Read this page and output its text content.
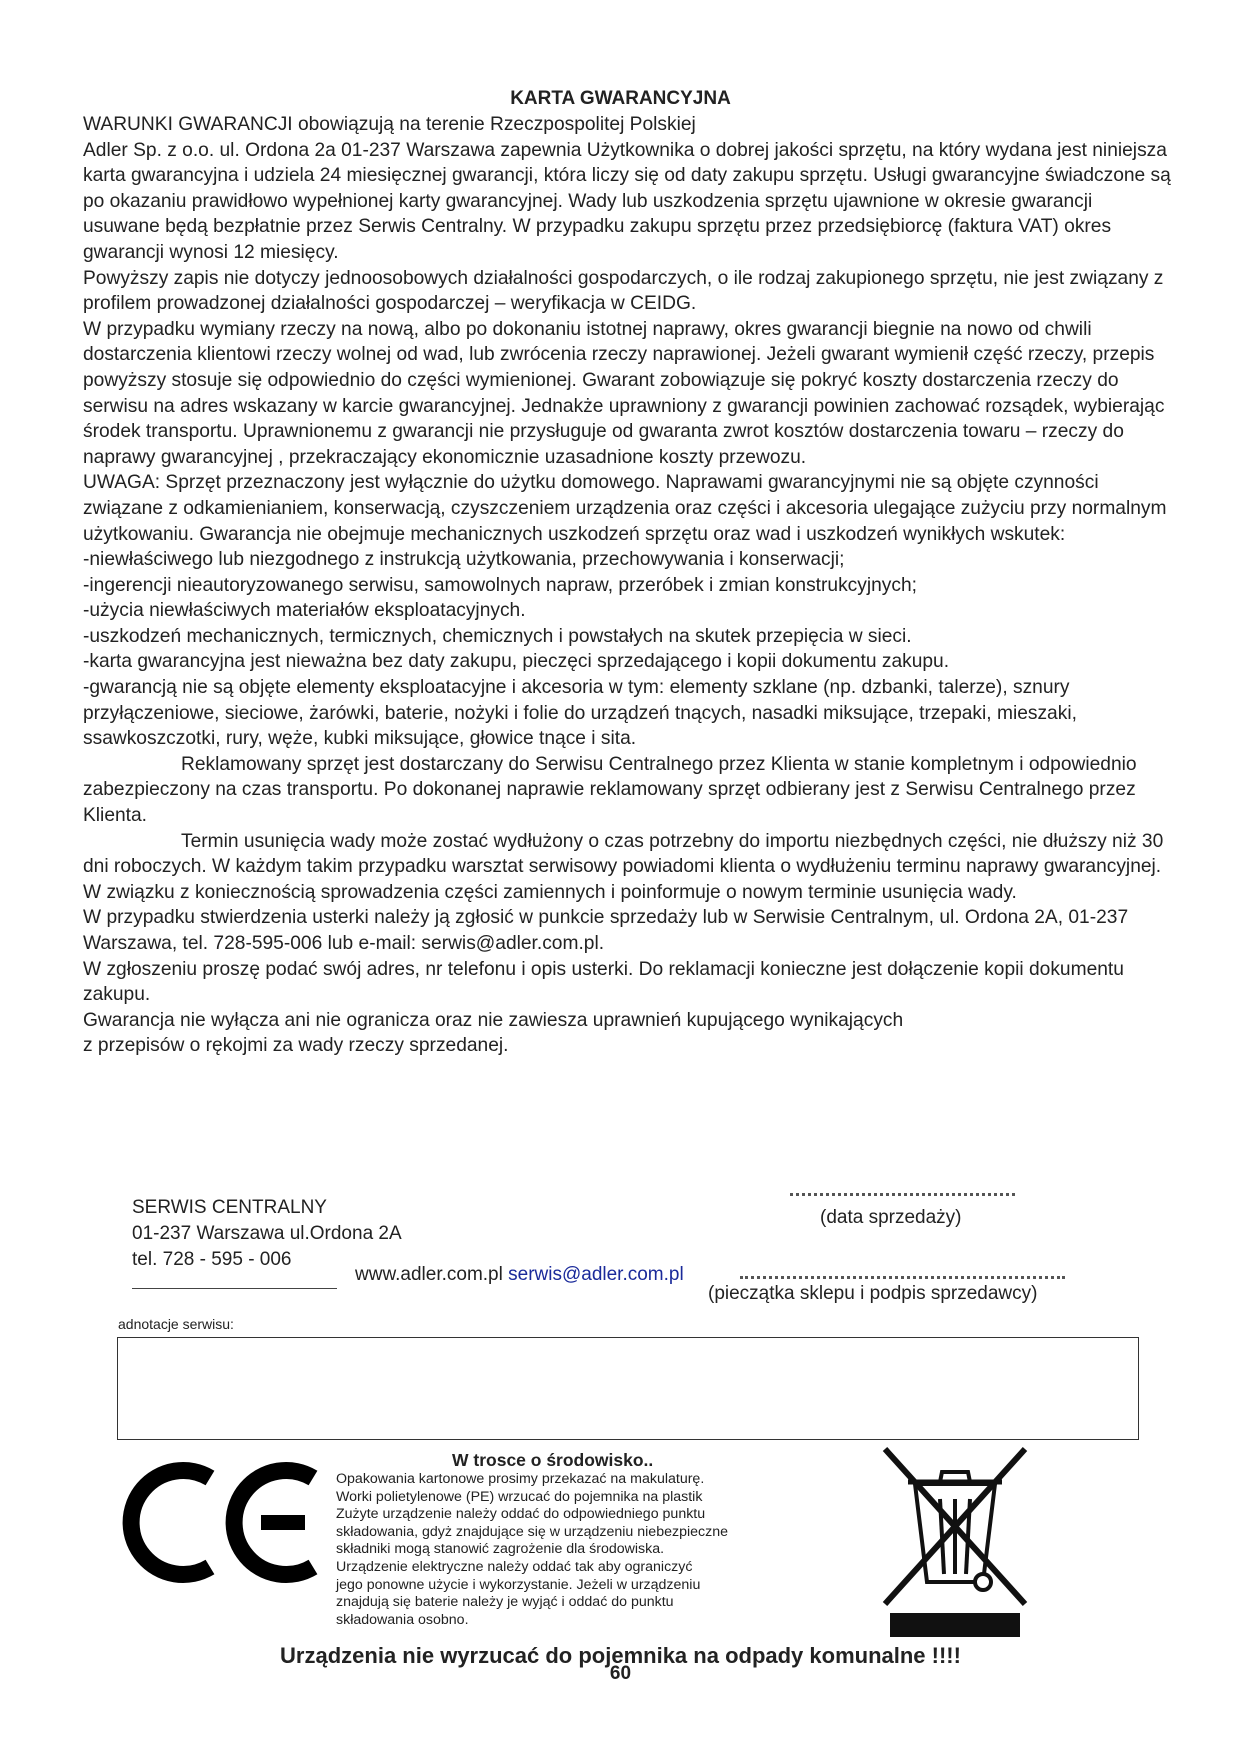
KARTA GWARANCYJNA

WARUNKI GWARANCJI obowiązują na terenie Rzeczpospolitej Polskiej

Adler Sp. z o.o. ul. Ordona 2a 01-237 Warszawa zapewnia Użytkownika o dobrej jakości sprzętu, na który wydana jest niniejsza karta gwarancyjna i udziela 24 miesięcznej gwarancji, która liczy się od daty zakupu sprzętu. Usługi gwarancyjne świadczone są po okazaniu prawidłowo wypełnionej karty gwarancyjnej. Wady lub uszkodzenia sprzętu ujawnione w okresie gwarancji usuwane będą bezpłatnie przez Serwis Centralny. W przypadku zakupu sprzętu przez przedsiębiorcę (faktura VAT) okres gwarancji wynosi 12 miesięcy.

Powyższy zapis nie dotyczy jednoosobowych działalności gospodarczych, o ile rodzaj zakupionego sprzętu, nie jest związany z profilem prowadzonej działalności gospodarczej – weryfikacja w CEIDG.

W przypadku wymiany rzeczy na nową, albo po dokonaniu istotnej naprawy, okres gwarancji biegnie na nowo od chwili dostarczenia klientowi rzeczy wolnej od wad, lub zwrócenia rzeczy naprawionej. Jeżeli gwarant wymienił część rzeczy, przepis powyższy stosuje się odpowiednio do części wymienionej. Gwarant zobowiązuje się pokryć koszty dostarczenia rzeczy do serwisu na adres wskazany w karcie gwarancyjnej. Jednakże uprawniony z gwarancji powinien zachować rozsądek, wybierając środek transportu. Uprawnionemu z gwarancji nie przysługuje od gwaranta zwrot kosztów dostarczenia towaru – rzeczy do naprawy gwarancyjnej , przekraczający ekonomicznie uzasadnione koszty przewozu.

UWAGA: Sprzęt przeznaczony jest wyłącznie do użytku domowego. Naprawami gwarancyjnymi nie są objęte czynności związane z odkamienianiem, konserwacją, czyszczeniem urządzenia oraz części i akcesoria ulegające zużyciu przy normalnym użytkowaniu. Gwarancja nie obejmuje mechanicznych uszkodzeń sprzętu oraz wad i uszkodzeń wynikłych wskutek:

-niewłaściwego lub niezgodnego z instrukcją użytkowania, przechowywania i konserwacji;

-ingerencji nieautoryzowanego serwisu, samowolnych napraw, przeróbek i zmian konstrukcyjnych;

-użycia niewłaściwych materiałów eksploatacyjnych.

-uszkodzeń mechanicznych, termicznych, chemicznych i powstałych na skutek przepięcia w sieci.

-karta gwarancyjna jest nieważna bez daty zakupu, pieczęci sprzedającego i kopii dokumentu zakupu.

-gwarancją nie są objęte elementy eksploatacyjne i akcesoria w tym: elementy szklane (np. dzbanki, talerze), sznury przyłączeniowe, sieciowe, żarówki, baterie, nożyki i folie do urządzeń tnących, nasadki miksujące, trzepaki, mieszaki, ssawkoszczotki, rury, węże, kubki miksujące, głowice tnące i sita.

Reklamowany sprzęt jest dostarczany do Serwisu Centralnego przez Klienta w stanie kompletnym i odpowiednio zabezpieczony na czas transportu. Po dokonanej naprawie reklamowany sprzęt odbierany jest z Serwisu Centralnego przez Klienta.

Termin usunięcia wady może zostać wydłużony o czas potrzebny do importu niezbędnych części, nie dłuższy niż 30 dni roboczych. W każdym takim przypadku warsztat serwisowy powiadomi klienta o wydłużeniu terminu naprawy gwarancyjnej. W związku z koniecznością sprowadzenia części zamiennych i poinformuje o nowym terminie usunięcia wady.

W przypadku stwierdzenia usterki należy ją zgłosić w punkcie sprzedaży lub w Serwisie Centralnym, ul. Ordona 2A, 01-237 Warszawa, tel. 728-595-006 lub e-mail: serwis@adler.com.pl.

W zgłoszeniu proszę podać swój adres, nr telefonu i opis usterki. Do reklamacji konieczne jest dołączenie kopii dokumentu zakupu.

Gwarancja nie wyłącza ani nie ogranicza oraz nie zawiesza uprawnień kupującego wynikających

z przepisów o rękojmi za wady rzeczy sprzedanej.

SERWIS CENTRALNY
01-237 Warszawa ul.Ordona 2A
tel. 728 - 595 - 006
www.adler.com.pl serwis@adler.com.pl
(data sprzedaży)
(pieczątka sklepu i podpis sprzedawcy)
adnotacje serwisu:
W trosce o środowisko..
Opakowania kartonowe prosimy przekazać na makulaturę.
Worki polietylenowe (PE) wrzucać do pojemnika na plastik
Zużyte urządzenie należy oddać do odpowiedniego punktu
składowania, gdyż znajdujące się w urządzeniu niebezpieczne
składniki mogą stanowić zagrożenie dla środowiska.
Urządzenie elektryczne należy oddać tak aby ograniczyć
jego ponowne użycie i wykorzystanie. Jeżeli w urządzeniu
znajdują się baterie należy je wyjąć i oddać do punktu
składowania osobno.
Urządzenia nie wyrzucać do pojemnika na odpady komunalne !!!!
60
